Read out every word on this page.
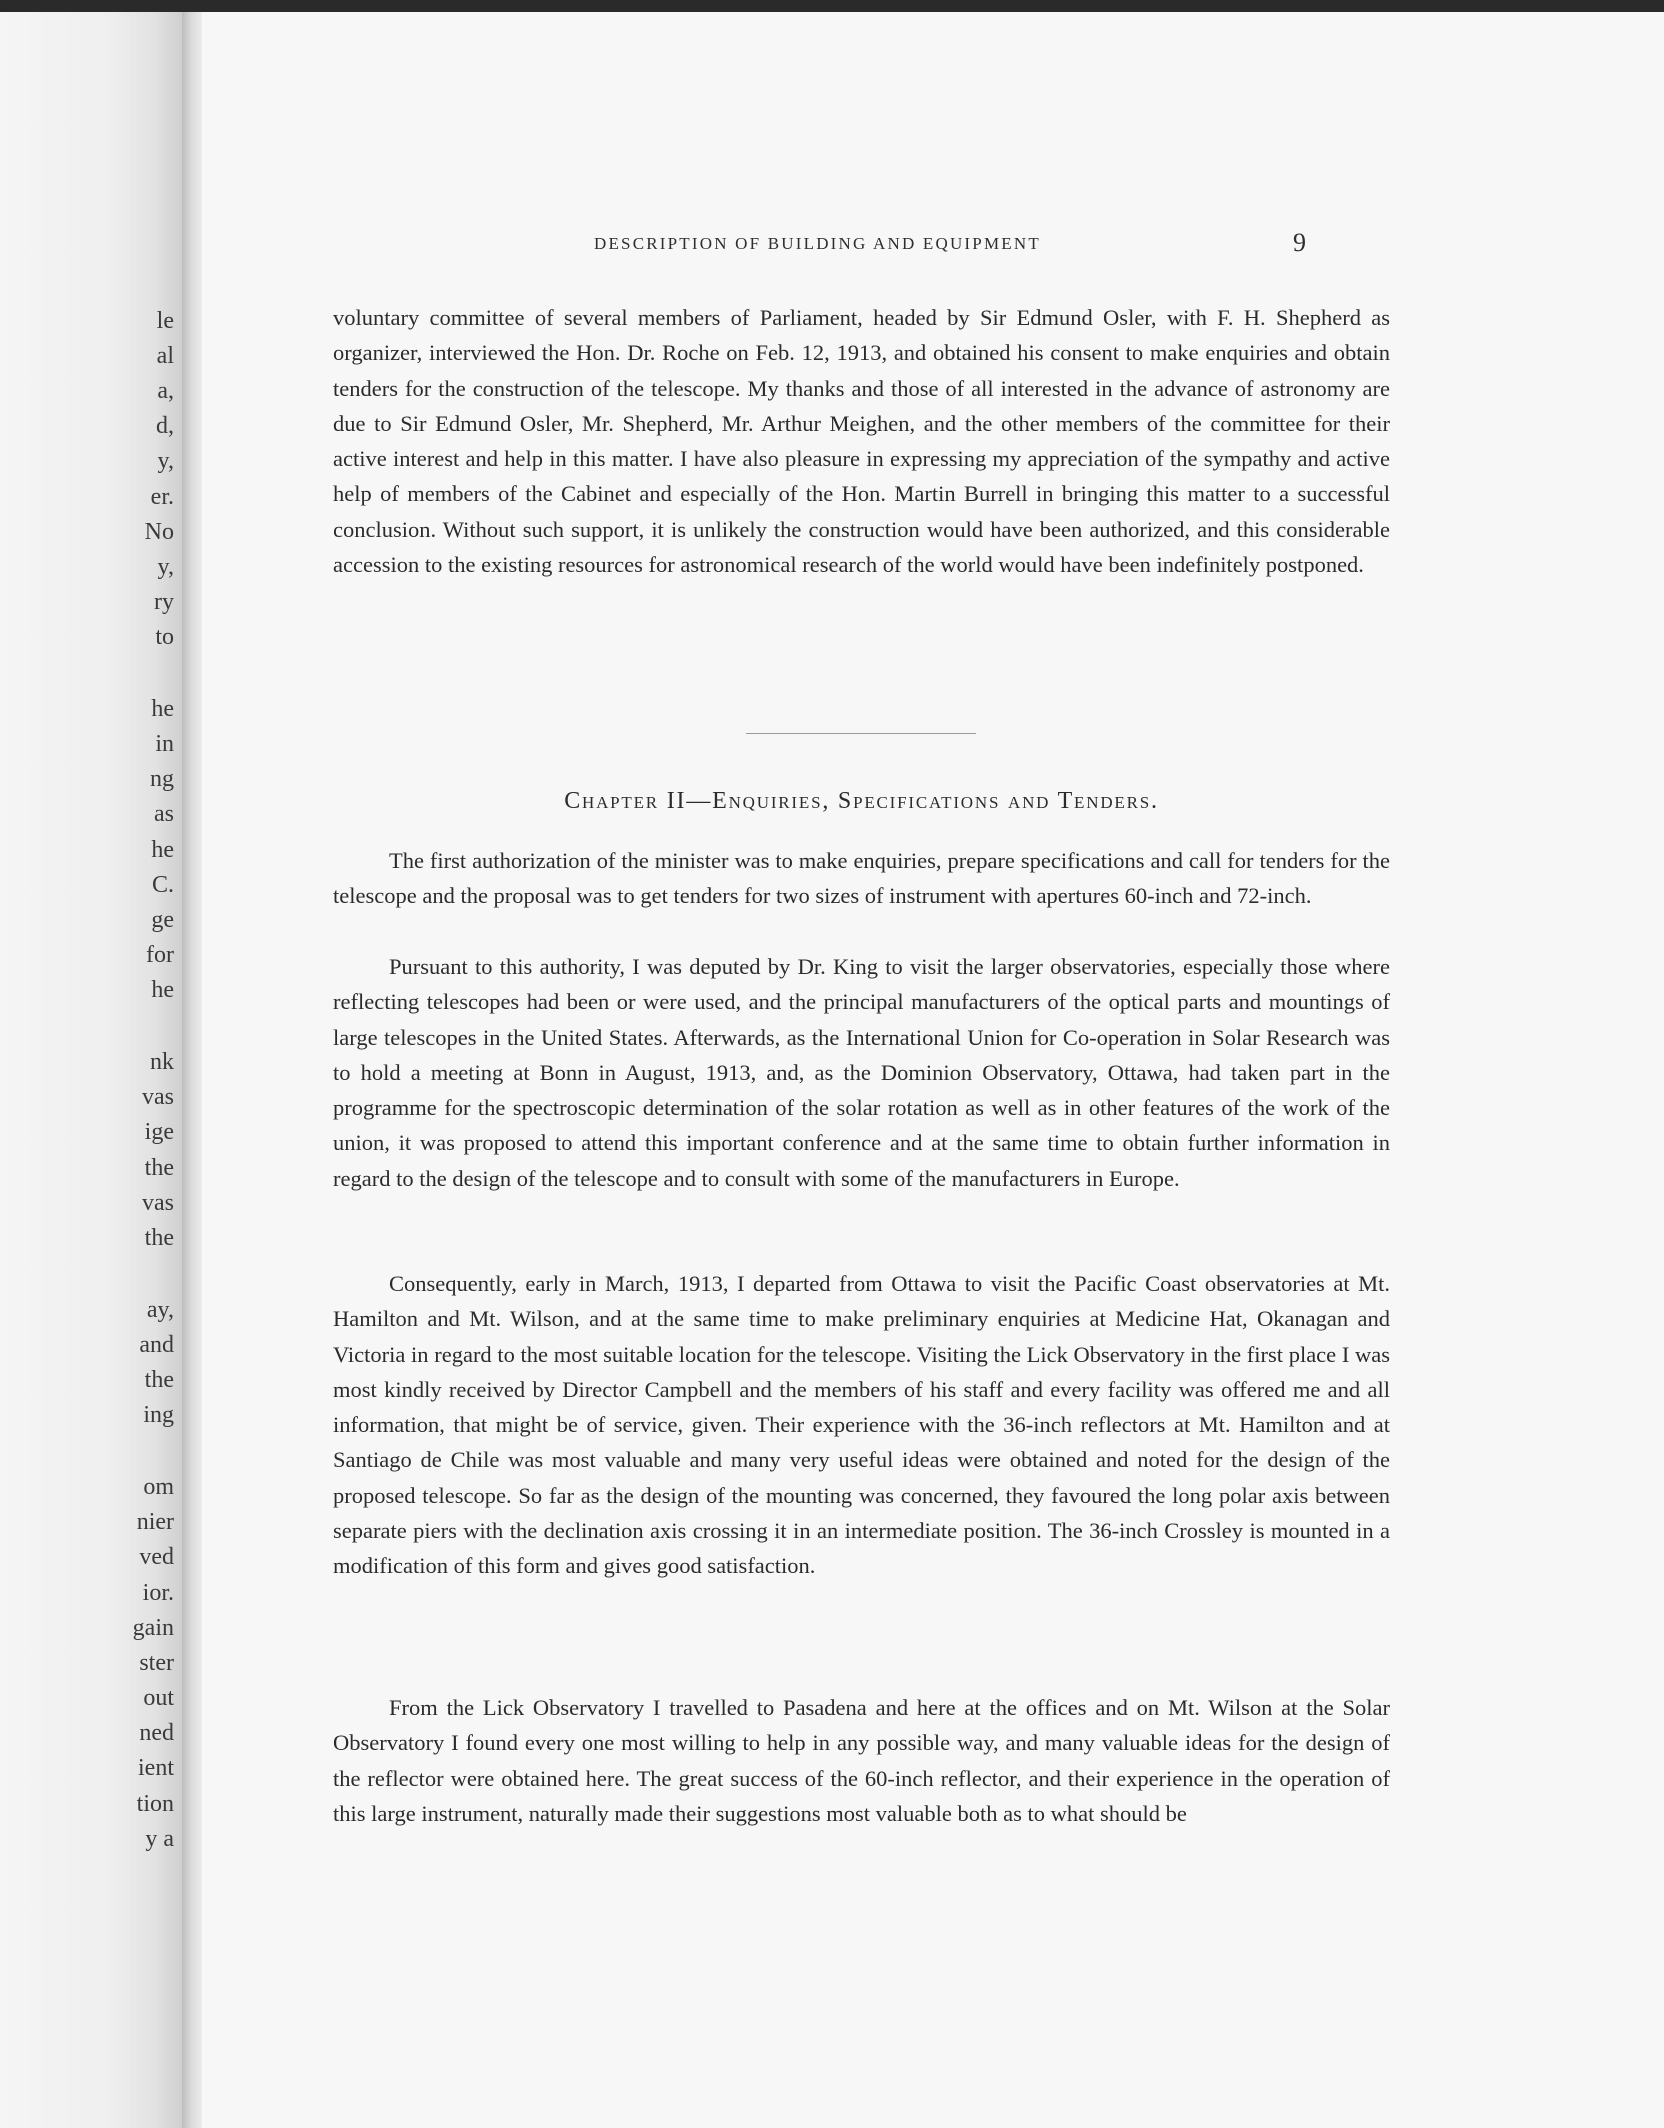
le
al
a,
d,
y,
er.
No
y,
ry
to
he
in
ng
as
he
C.
ge
for
he
nk
vas
ige
the
vas
the
ay,
and
the
ing
om
nier
ved
ior.
gain
ster
out
ned
ient
tion
y a
DESCRIPTION OF BUILDING AND EQUIPMENT	9

voluntary committee of several members of Parliament, headed by Sir Edmund Osler, with F. H. Shepherd as organizer, interviewed the Hon. Dr. Roche on Feb. 12, 1913, and obtained his consent to make enquiries and obtain tenders for the construction of the telescope. My thanks and those of all interested in the advance of astronomy are due to Sir Edmund Osler, Mr. Shepherd, Mr. Arthur Meighen, and the other members of the committee for their active interest and help in this matter. I have also pleasure in expressing my appreciation of the sympathy and active help of members of the Cabinet and especially of the Hon. Martin Burrell in bringing this matter to a successful conclusion. Without such support, it is unlikely the construction would have been authorized, and this considerable accession to the existing resources for astronomical research of the world would have been indefinitely postponed.

Chapter II—Enquiries, Specifications and Tenders.

The first authorization of the minister was to make enquiries, prepare specifications and call for tenders for the telescope and the proposal was to get tenders for two sizes of instrument with apertures 60-inch and 72-inch.

Pursuant to this authority, I was deputed by Dr. King to visit the larger observatories, especially those where reflecting telescopes had been or were used, and the principal manufacturers of the optical parts and mountings of large telescopes in the United States. Afterwards, as the International Union for Co-operation in Solar Research was to hold a meeting at Bonn in August, 1913, and, as the Dominion Observatory, Ottawa, had taken part in the programme for the spectroscopic determination of the solar rotation as well as in other features of the work of the union, it was proposed to attend this important conference and at the same time to obtain further information in regard to the design of the telescope and to consult with some of the manufacturers in Europe.

Consequently, early in March, 1913, I departed from Ottawa to visit the Pacific Coast observatories at Mt. Hamilton and Mt. Wilson, and at the same time to make preliminary enquiries at Medicine Hat, Okanagan and Victoria in regard to the most suitable location for the telescope. Visiting the Lick Observatory in the first place I was most kindly received by Director Campbell and the members of his staff and every facility was offered me and all information, that might be of service, given. Their experience with the 36-inch reflectors at Mt. Hamilton and at Santiago de Chile was most valuable and many very useful ideas were obtained and noted for the design of the proposed telescope. So far as the design of the mounting was concerned, they favoured the long polar axis between separate piers with the declination axis crossing it in an intermediate position. The 36-inch Crossley is mounted in a modification of this form and gives good satisfaction.

From the Lick Observatory I travelled to Pasadena and here at the offices and on Mt. Wilson at the Solar Observatory I found every one most willing to help in any possible way, and many valuable ideas for the design of the reflector were obtained here. The great success of the 60-inch reflector, and their experience in the operation of this large instrument, naturally made their suggestions most valuable both as to what should be
